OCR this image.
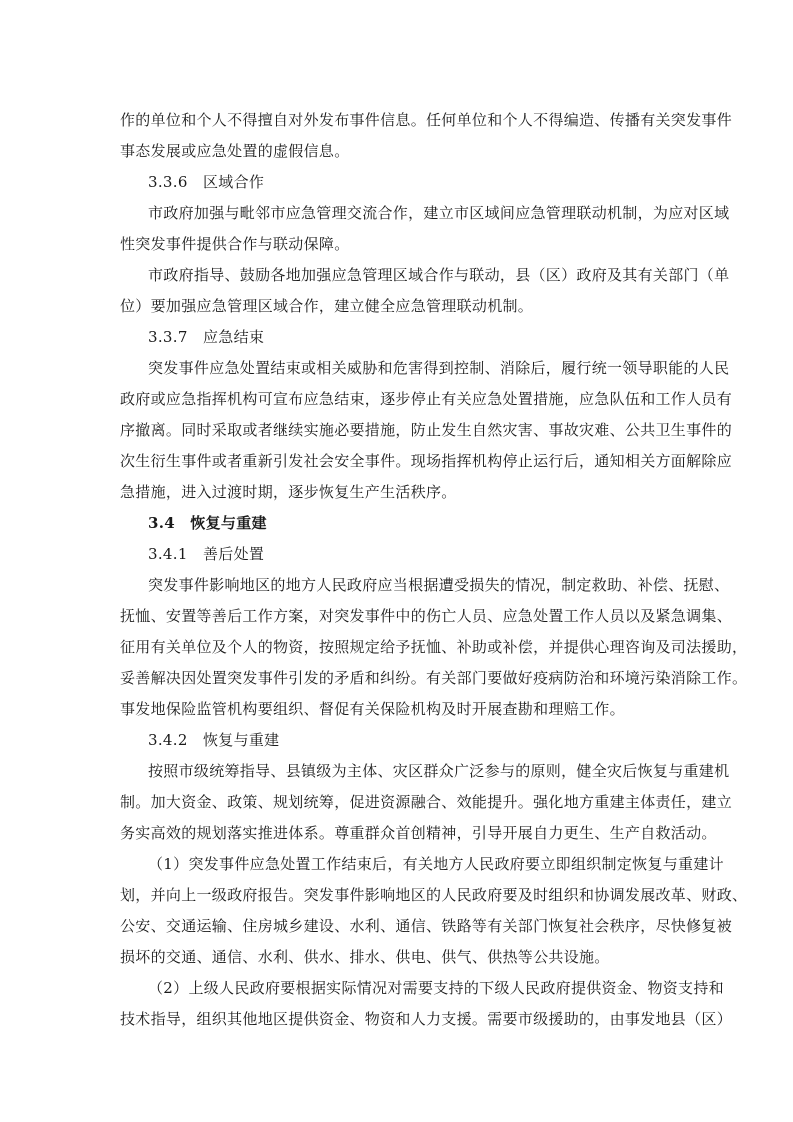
作的单位和个人不得擅自对外发布事件信息。任何单位和个人不得编造、传播有关突发事件
事态发展或应急处置的虚假信息。
3.3.6　区域合作
市政府加强与毗邻市应急管理交流合作，建立市区域间应急管理联动机制，为应对区域
性突发事件提供合作与联动保障。
市政府指导、鼓励各地加强应急管理区域合作与联动，县（区）政府及其有关部门（单
位）要加强应急管理区域合作，建立健全应急管理联动机制。
3.3.7　应急结束
突发事件应急处置结束或相关威胁和危害得到控制、消除后，履行统一领导职能的人民
政府或应急指挥机构可宣布应急结束，逐步停止有关应急处置措施，应急队伍和工作人员有
序撤离。同时采取或者继续实施必要措施，防止发生自然灾害、事故灾难、公共卫生事件的
次生衍生事件或者重新引发社会安全事件。现场指挥机构停止运行后，通知相关方面解除应
急措施，进入过渡时期，逐步恢复生产生活秩序。
3.4　恢复与重建
3.4.1　善后处置
突发事件影响地区的地方人民政府应当根据遭受损失的情况，制定救助、补偿、抚慰、
抚恤、安置等善后工作方案，对突发事件中的伤亡人员、应急处置工作人员以及紧急调集、
征用有关单位及个人的物资，按照规定给予抚恤、补助或补偿，并提供心理咨询及司法援助，
妥善解决因处置突发事件引发的矛盾和纠纷。有关部门要做好疫病防治和环境污染消除工作。
事发地保险监管机构要组织、督促有关保险机构及时开展查勘和理赔工作。
3.4.2　恢复与重建
按照市级统筹指导、县镇级为主体、灾区群众广泛参与的原则，健全灾后恢复与重建机
制。加大资金、政策、规划统筹，促进资源融合、效能提升。强化地方重建主体责任，建立
务实高效的规划落实推进体系。尊重群众首创精神，引导开展自力更生、生产自救活动。
（1）突发事件应急处置工作结束后，有关地方人民政府要立即组织制定恢复与重建计
划，并向上一级政府报告。突发事件影响地区的人民政府要及时组织和协调发展改革、财政、
公安、交通运输、住房城乡建设、水利、通信、铁路等有关部门恢复社会秩序，尽快修复被
损坏的交通、通信、水利、供水、排水、供电、供气、供热等公共设施。
（2）上级人民政府要根据实际情况对需要支持的下级人民政府提供资金、物资支持和
技术指导，组织其他地区提供资金、物资和人力支援。需要市级援助的，由事发地县（区）
